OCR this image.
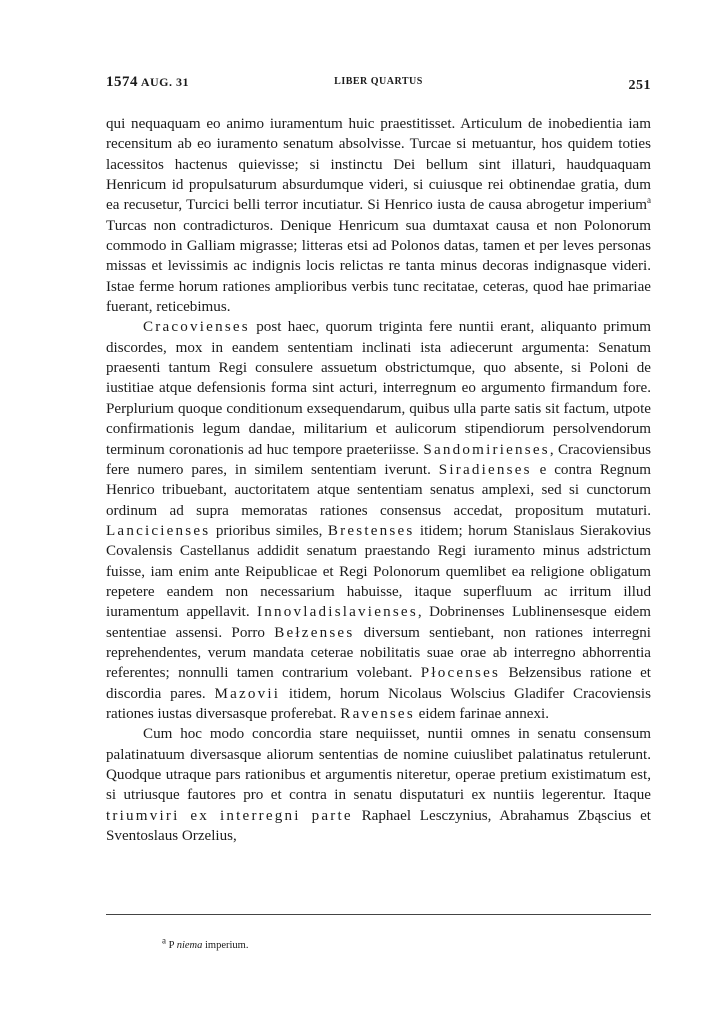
1574 AUG. 31	LIBER QUARTUS	251

qui nequaquam eo animo iuramentum huic praestitisset. Articulum de inobedientia iam recensitum ab eo iuramento senatum absolvisse. Turcae si metuantur, hos quidem toties lacessitos hactenus quievisse; si instinctu Dei bellum sint illaturi, haudquaquam Henricum id propulsaturum absurdumque videri, si cuiusque rei obtinendae gratia, dum ea recusetur, Turcici belli terror incutiatur. Si Henrico iusta de causa abrogetur imperium$^a$ Turcas non contradicturos. Denique Henricum sua dumtaxat causa et non Polonorum commodo in Galliam migrasse; litteras etsi ad Polonos datas, tamen et per leves personas missas et levissimis ac indignis locis relictas re tanta minus decoras indignasque videri. Istae ferme horum rationes amplioribus verbis tunc recitatae, ceteras, quod hae primariae fuerant, reticebimus.

Cracovienses post haec, quorum triginta fere nuntii erant, aliquanto primum discordes, mox in eandem sententiam inclinati ista adiecerunt argumenta: Senatum praesenti tantum Regi consulere assuetum obstrictumque, quo absente, si Poloni de iustitiae atque defensionis forma sint acturi, interregnum eo argumento firmandum fore. Perplurium quoque conditionum exsequendarum, quibus ulla parte satis sit factum, utpote confirmationis legum dandae, militarium et aulicorum stipendiorum persolvendorum terminum coronationis ad huc tempore praeteriisse. Sandomirienses, Cracoviensibus fere numero pares, in similem sententiam iverunt. Siradienses e contra Regnum Henrico tribuebant, auctoritatem atque sententiam senatus amplexi, sed si cunctorum ordinum ad supra memoratas rationes consensus accedat, propositum mutaturi. Lancicienses prioribus similes, Brestenses itidem; horum Stanislaus Sierakovius Covalensis Castellanus addidit senatum praestando Regi iuramento minus adstrictum fuisse, iam enim ante Reipublicae et Regi Polonorum quemlibet ea religione obligatum repetere eandem non necessarium habuisse, itaque superfluum ac irritum illud iuramentum appellavit. Innovladislavienses, Dobrinenses Lublinensesque eidem sententiae assensi. Porro Bełzenses diversum sentiebant, non rationes interregni reprehendentes, verum mandata ceterae nobilitatis suae orae ab interregno abhorrentia referentes; nonnulli tamen contrarium volebant. Płocenses Bełzensibus ratione et discordia pares. Mazovii itidem, horum Nicolaus Wolscius Gladifer Cracoviensis rationes iustas diversasque proferebat. Ravenses eidem farinae annexi.

Cum hoc modo concordia stare nequiisset, nuntii omnes in senatu consensum palatinatuum diversasque aliorum sententias de nomine cuiuslibet palatinatus retulerunt. Quodque utraque pars rationibus et argumentis niteretur, operae pretium existimatum est, si utriusque fautores pro et contra in senatu disputaturi ex nuntiis legerentur. Itaque triumviri ex interregni parte Raphael Lesczynius, Abrahamus Zbąscius et Sventoslaus Orzelius,

$^a$ P niema imperium.
